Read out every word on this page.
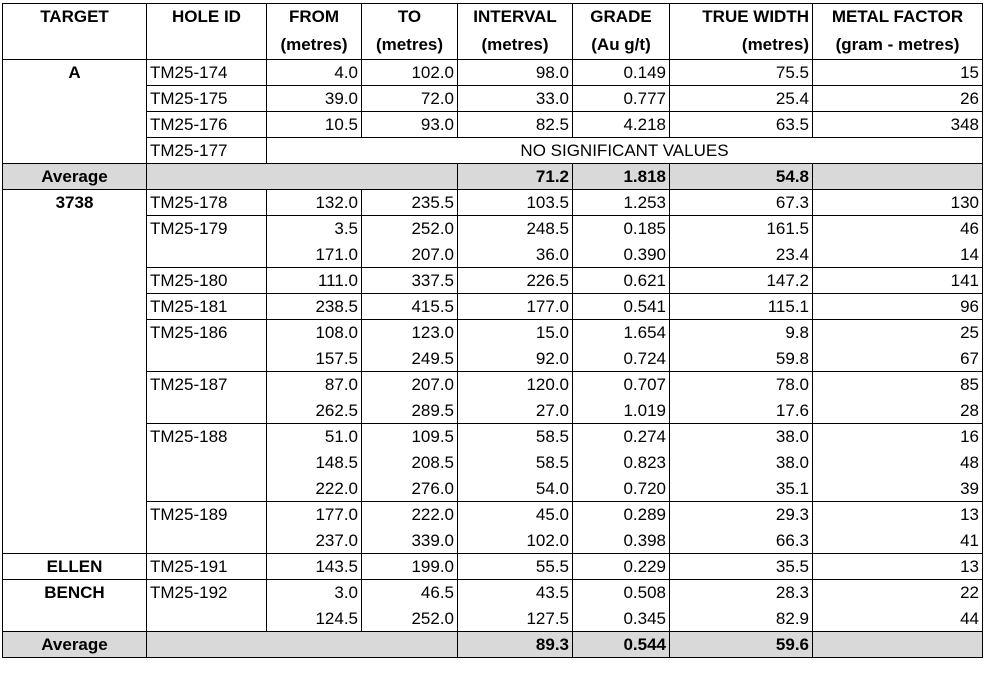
TARGET	HOLE ID	FROM	TO	INTERVAL	GRADE	TRUE WIDTH	METAL FACTOR
		(metres)	(metres)	(metres)	(Au g/t)	(metres)	(gram - metres)
A	TM25-174	4.0	102.0	98.0	0.149	75.5	15
	TM25-175	39.0	72.0	33.0	0.777	25.4	26
	TM25-176	10.5	93.0	82.5	4.218	63.5	348
	TM25-177	NO SIGNIFICANT VALUES					
Average				71.2	1.818	54.8	
3738	TM25-178	132.0	235.5	103.5	1.253	67.3	130
	TM25-179	3.5	252.0	248.5	0.185	161.5	46
		171.0	207.0	36.0	0.390	23.4	14
	TM25-180	111.0	337.5	226.5	0.621	147.2	141
	TM25-181	238.5	415.5	177.0	0.541	115.1	96
	TM25-186	108.0	123.0	15.0	1.654	9.8	25
		157.5	249.5	92.0	0.724	59.8	67
	TM25-187	87.0	207.0	120.0	0.707	78.0	85
		262.5	289.5	27.0	1.019	17.6	28
	TM25-188	51.0	109.5	58.5	0.274	38.0	16
		148.5	208.5	58.5	0.823	38.0	48
		222.0	276.0	54.0	0.720	35.1	39
	TM25-189	177.0	222.0	45.0	0.289	29.3	13
		237.0	339.0	102.0	0.398	66.3	41
ELLEN	TM25-191	143.5	199.0	55.5	0.229	35.5	13
BENCH	TM25-192	3.0	46.5	43.5	0.508	28.3	22
		124.5	252.0	127.5	0.345	82.9	44
Average				89.3	0.544	59.6	
